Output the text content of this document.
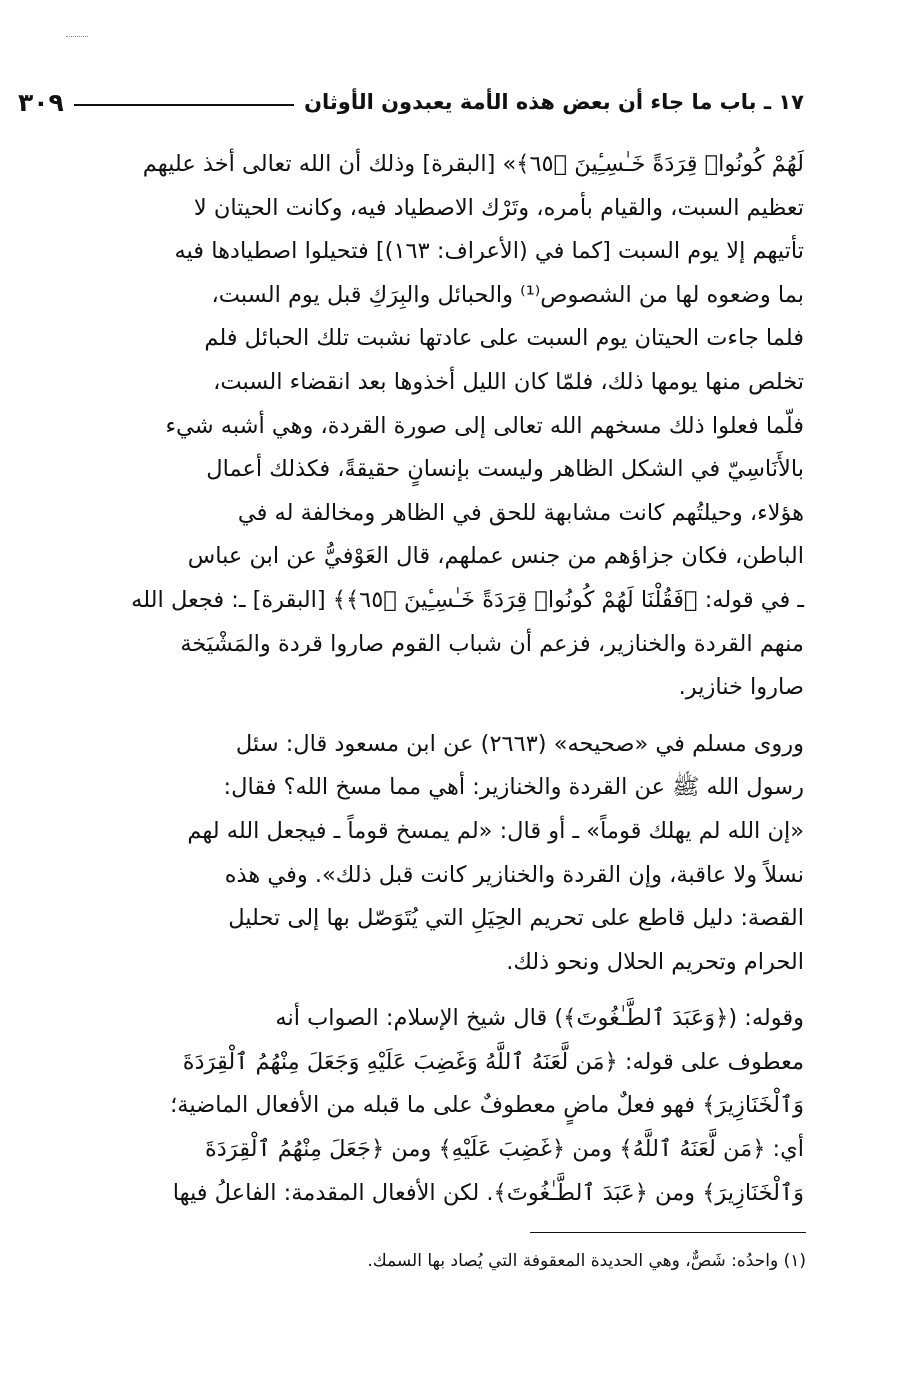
١٧ ـ باب ما جاء أن بعض هذه الأمة يعبدون الأوثان
٣٠٩

لَهُمْ كُونُوا۟ قِرَدَةً خَـٰسِـِٔينَ ﴿٦٥﴾» [البقرة] وذلك أن الله تعالى أخذ عليهم

تعظيم السبت، والقيام بأمره، وتَرْك الاصطياد فيه، وكانت الحيتان لا

تأتيهم إلا يوم السبت [كما في (الأعراف: ١٦٣)] فتحيلوا اصطيادها فيه

بما وضعوه لها من الشصوص⁽¹⁾ والحبائل والبِرَكِ قبل يوم السبت،

فلما جاءت الحيتان يوم السبت على عادتها نشبت تلك الحبائل فلم

تخلص منها يومها ذلك، فلمّا كان الليل أخذوها بعد انقضاء السبت،

فلّما فعلوا ذلك مسخهم الله تعالى إلى صورة القردة، وهي أشبه شيء

بالأَنَاسِيّ في الشكل الظاهر وليست بإنسانٍ حقيقةً، فكذلك أعمال

هؤلاء، وحيلتُهم كانت مشابهة للحق في الظاهر ومخالفة له في

الباطن، فكان جزاؤهم من جنس عملهم، قال العَوْفيُّ عن ابن عباس

ـ في قوله: ﴿فَقُلْنَا لَهُمْ كُونُوا۟ قِرَدَةً خَـٰسِـِٔينَ ﴿٦٥﴾﴾ [البقرة] ـ: فجعل الله

منهم القردة والخنازير، فزعم أن شباب القوم صاروا قردة والمَشْيَخة

صاروا خنازير.

وروى مسلم في «صحيحه» (٢٦٦٣) عن ابن مسعود قال: سئل

رسول الله ﷺ عن القردة والخنازير: أهي مما مسخ الله؟ فقال:

«إن الله لم يهلك قوماً» ـ أو قال: «لم يمسخ قوماً ـ فيجعل الله لهم

نسلاً ولا عاقبة، وإن القردة والخنازير كانت قبل ذلك». وفي هذه

القصة: دليل قاطع على تحريم الحِيَلِ التي يُتَوَصّل بها إلى تحليل

الحرام وتحريم الحلال ونحو ذلك.

وقوله: (﴿وَعَبَدَ ٱلطَّـٰغُوتَ﴾) قال شيخ الإسلام: الصواب أنه

معطوف على قوله: ﴿مَن لَّعَنَهُ ٱللَّهُ وَغَضِبَ عَلَيْهِ وَجَعَلَ مِنْهُمُ ٱلْقِرَدَةَ

وَٱلْخَنَازِيرَ﴾ فهو فعلٌ ماضٍ معطوفٌ على ما قبله من الأفعال الماضية؛

أي: ﴿مَن لَّعَنَهُ ٱللَّهُ﴾ ومن ﴿غَضِبَ عَلَيْهِ﴾ ومن ﴿جَعَلَ مِنْهُمُ ٱلْقِرَدَةَ

وَٱلْخَنَازِيرَ﴾ ومن ﴿عَبَدَ ٱلطَّـٰغُوتَ﴾. لكن الأفعال المقدمة: الفاعلُ فيها

(١) واحدُه: شَصٌّ، وهي الحديدة المعقوفة التي يُصاد بها السمك.
